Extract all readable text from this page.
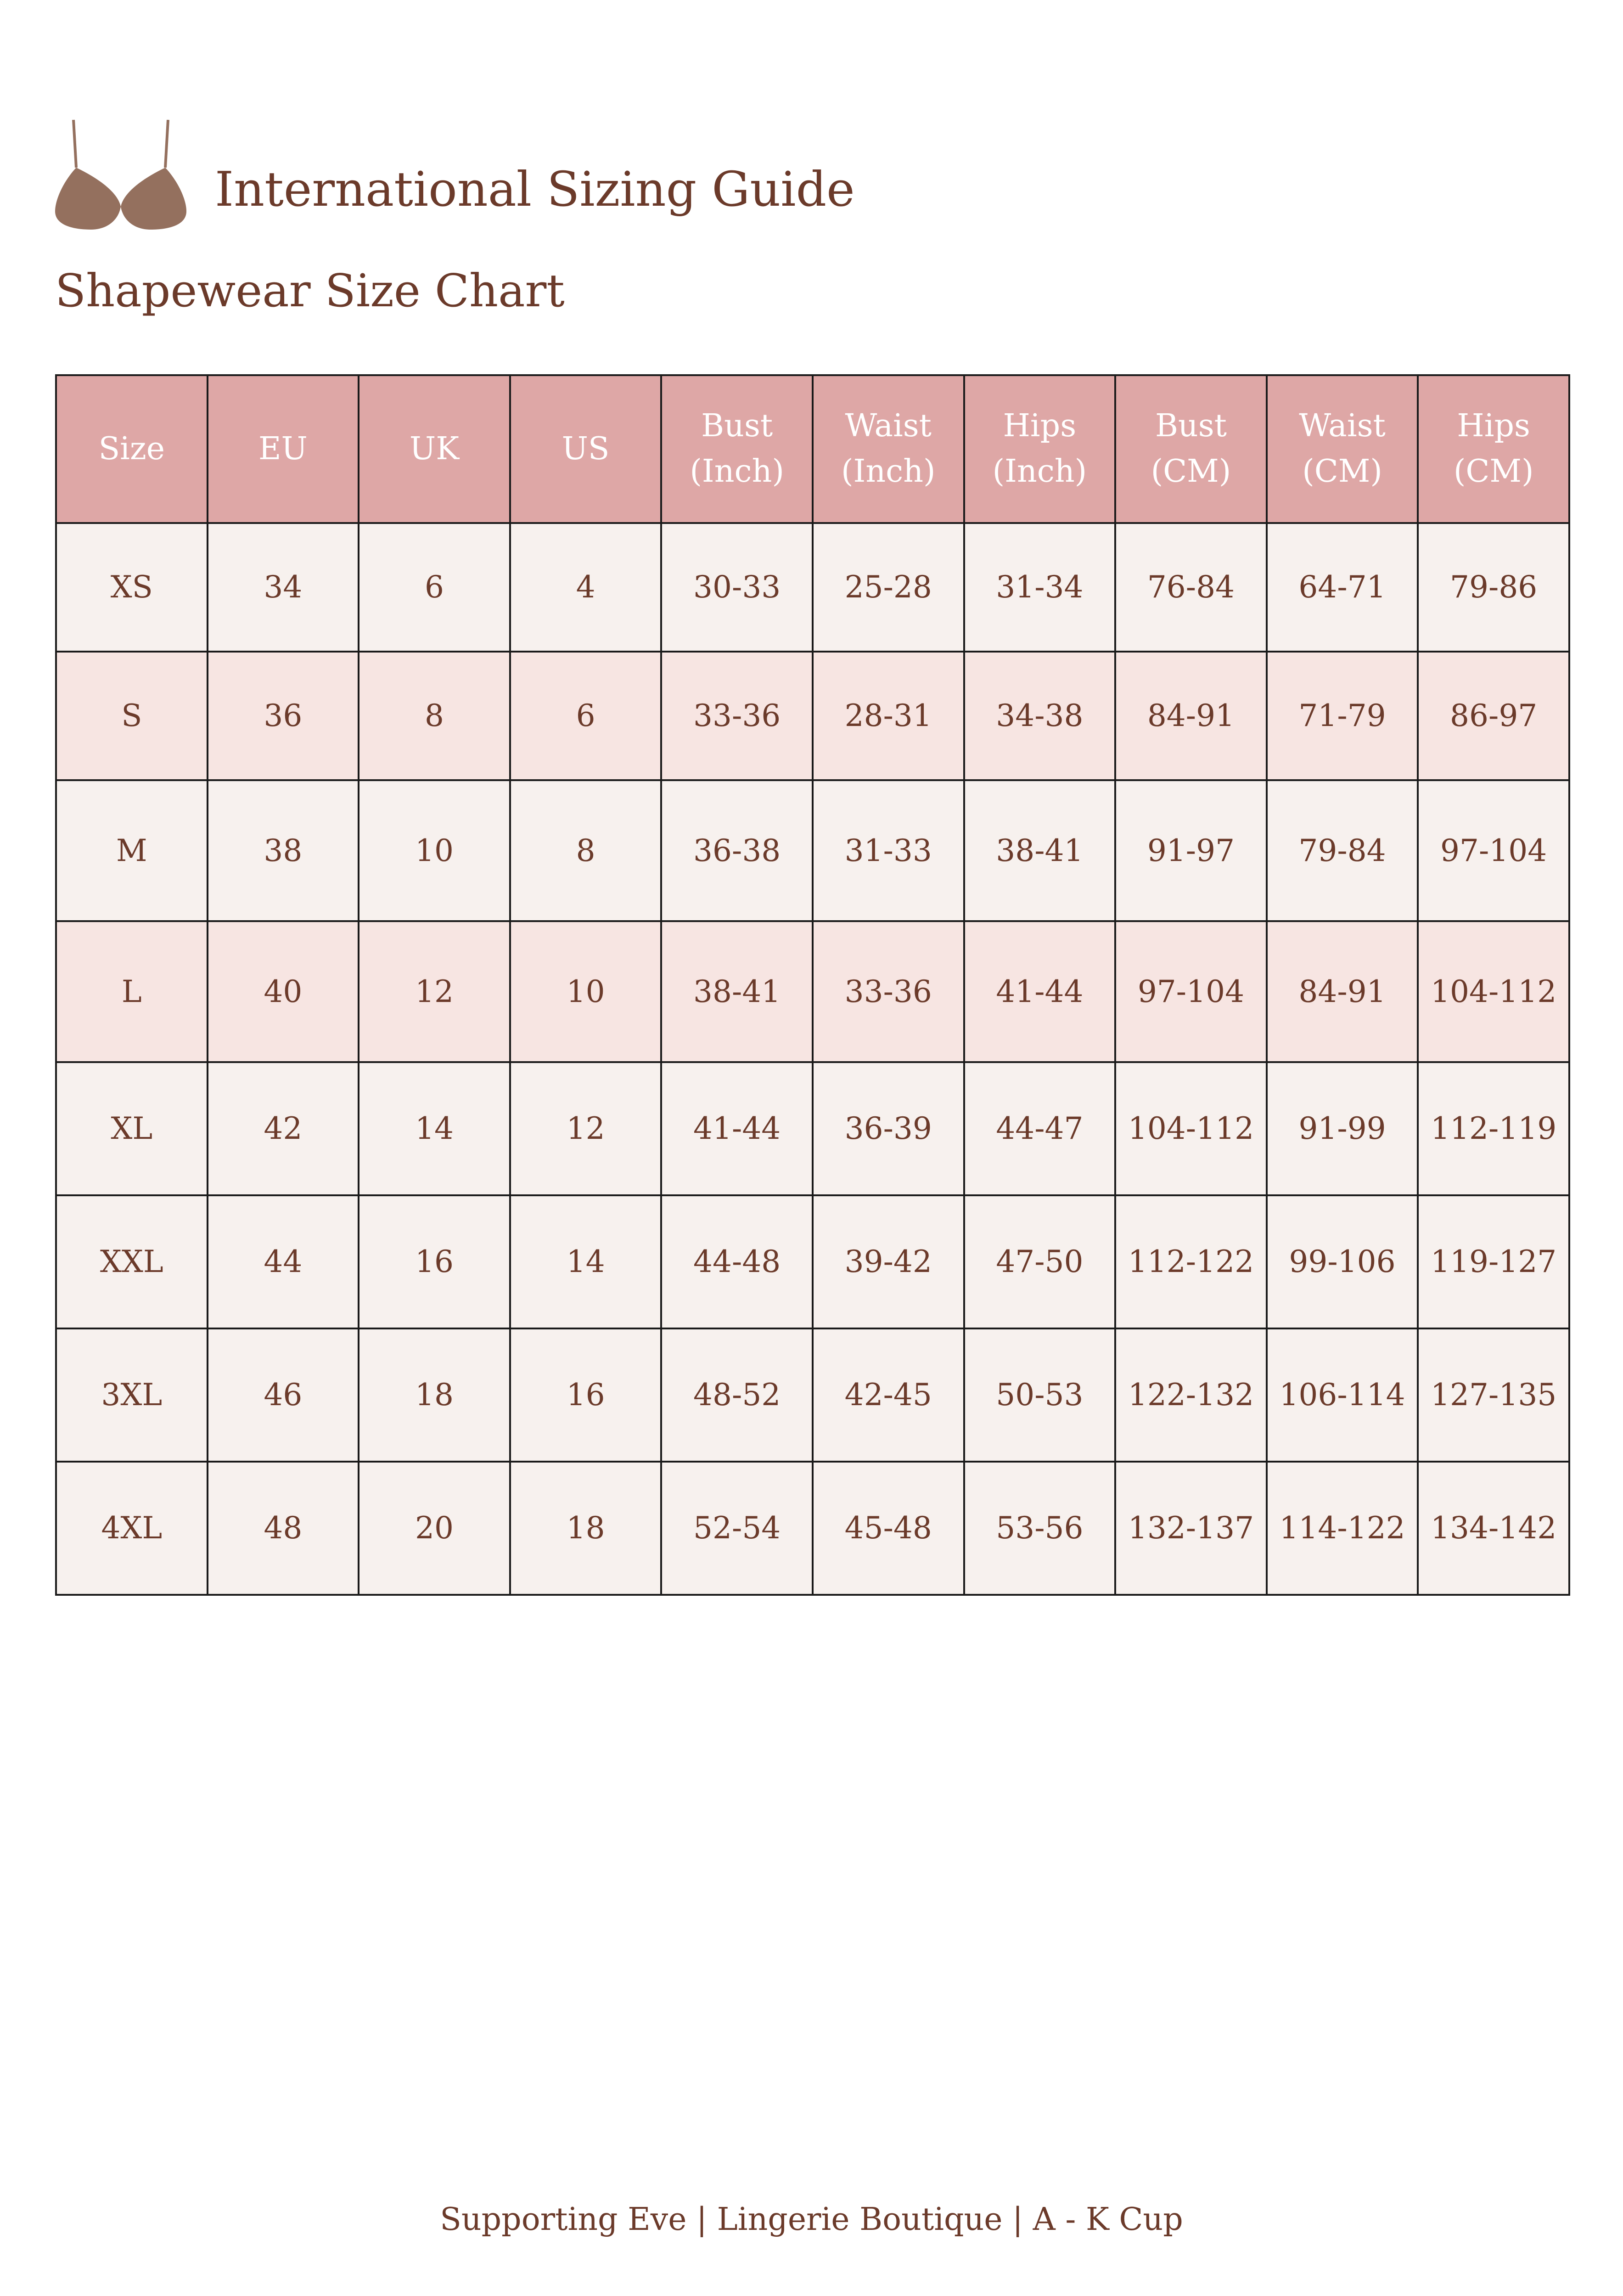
International Sizing Guide
Shapewear Size Chart
Size	EU	UK	US	Bust (Inch)	Waist (Inch)	Hips (Inch)	Bust (CM)	Waist (CM)	Hips (CM)
XS	34	6	4	30-33	25-28	31-34	76-84	64-71	79-86
S	36	8	6	33-36	28-31	34-38	84-91	71-79	86-97
M	38	10	8	36-38	31-33	38-41	91-97	79-84	97-104
L	40	12	10	38-41	33-36	41-44	97-104	84-91	104-112
XL	42	14	12	41-44	36-39	44-47	104-112	91-99	112-119
XXL	44	16	14	44-48	39-42	47-50	112-122	99-106	119-127
3XL	46	18	16	48-52	42-45	50-53	122-132	106-114	127-135
4XL	48	20	18	52-54	45-48	53-56	132-137	114-122	134-142
Supporting Eve | Lingerie Boutique | A - K Cup
